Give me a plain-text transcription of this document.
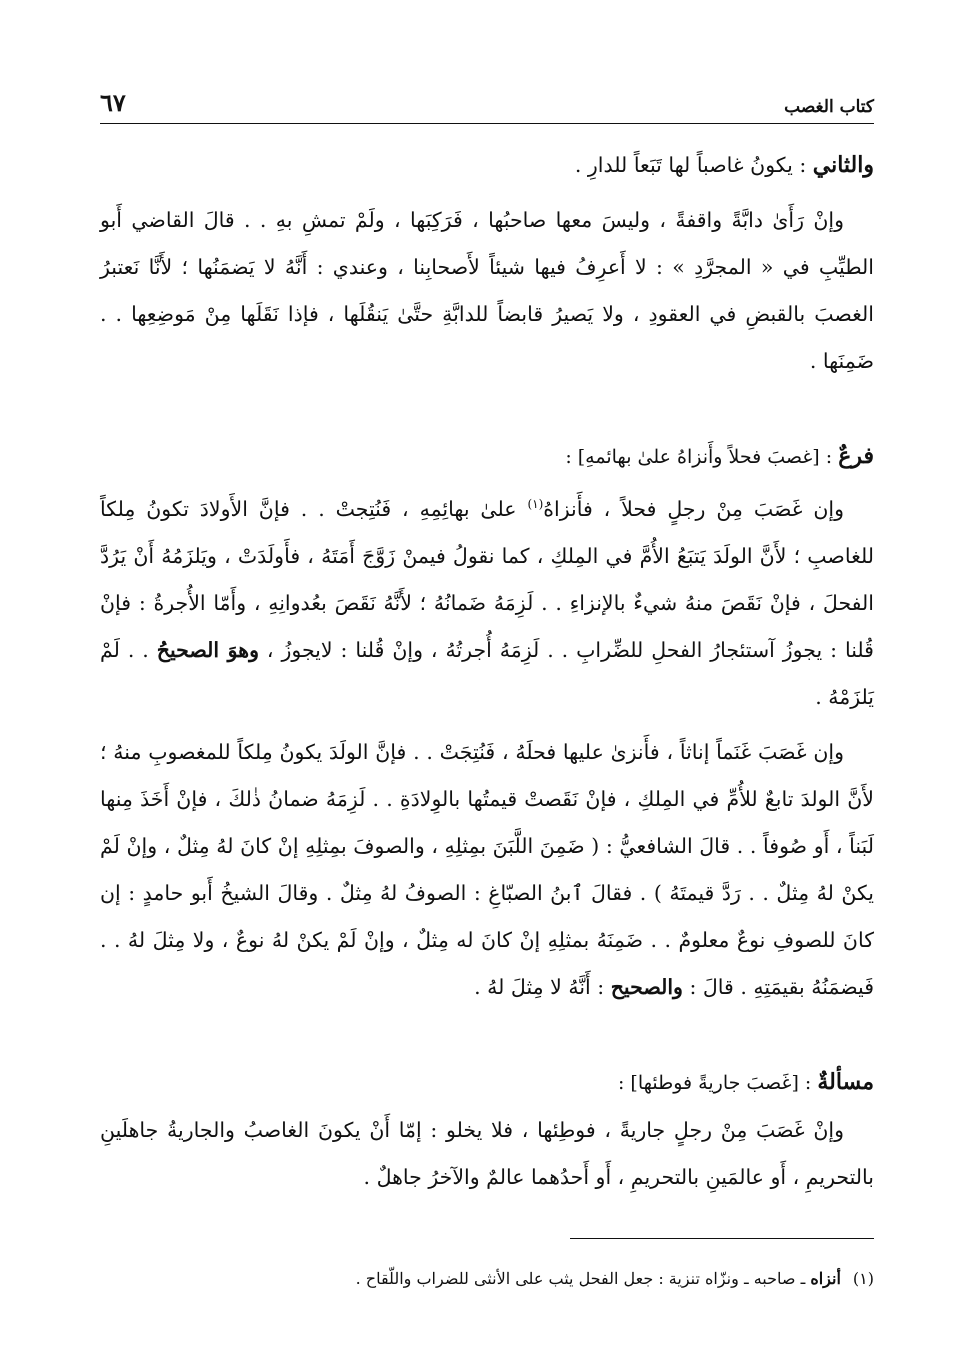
كتاب الغصب
٦٧

والثاني : يكونُ غاصباً لها تَبَعاً للدارِ .

وإنْ رَأَىٰ دابَّةً واقفةً ، وليسَ معها صاحبُها ، فَرَكِبَها ، ولَمْ تمشِ بهِ . . قالَ القاضي أَبو الطيِّبِ في « المجرَّدِ » : لا أَعرِفُ فيها شيئاً لأَصحابِنا ، وعندي : أَنَّهُ لا يَضمَنُها ؛ لأَنَّا نَعتبرُ الغصبَ بالقبضِ في العقودِ ، ولا يَصيرُ قابضاً للدابَّةِ حتَّىٰ يَنقُلَها ، فإذا نَقَلَها مِنْ مَوضِعِها . . ضَمِنَها .

فرعٌ : [غصبَ فحلاً وأَنزاهُ علىٰ بهائمهِ] :

وإن غَصَبَ مِنْ رجلٍ فحلاً ، فأَنزاهُ$^{(١)}$ علىٰ بهائِمِهِ ، فَنُتِجتْ . . فإنَّ الأَولادَ تكونُ مِلكاً للغاصبِ ؛ لأَنَّ الولَدَ يَتبَعُ الأُمَّ في المِلكِ ، كما نقولُ فيمنْ زَوَّجَ أَمَتَهُ ، فأَولَدَتْ ، ويَلزَمُهُ أَنْ يَرُدَّ الفحلَ ، فإنْ نَقَصَ منهُ شيءٌ بالإنزاءِ . . لَزِمَهُ ضَمانُهُ ؛ لأَنَّهُ نَقَصَ بعُدوانِهِ ، وأَمّا الأُجرةُ : فإنْ قُلنا : يجوزُ آستئجارُ الفحلِ للضِّرابِ . . لَزِمَهُ أُجرتُهُ ، وإنْ قُلنا : لايجوزُ ، وهوَ الصحيحُ . . لَمْ يَلزَمْهُ .

وإن غَصَبَ غَنَماً إناثاً ، فأَنزىٰ عليها فحلَهُ ، فَنُتِجَتْ . . فإنَّ الولَدَ يكونُ مِلكاً للمغصوبِ منهُ ؛ لأَنَّ الولدَ تابعٌ للأُمِّ في المِلكِ ، فإنْ نَقَصتْ قيمتُها بالوِلادَةِ . . لَزِمَهُ ضمانُ ذٰلكَ ، فإنْ أَخَذَ مِنها لَبَناً ، أَو صُوفاً . . قالَ الشافعيُّ : ( ضَمِنَ اللَّبَنَ بمِثلِهِ ، والصوفَ بمِثلِهِ إنْ كانَ لهُ مِثلٌ ، وإنْ لَمْ يكنْ لهُ مِثلٌ . . رَدَّ قيمتَهُ ) . فقالَ ٱبنُ الصبّاغِ : الصوفُ لهُ مِثلٌ . وقالَ الشيخُ أَبو حامدٍ : إن كانَ للصوفِ نوعٌ معلومٌ . . ضَمِنَهُ بمثلِهِ إنْ كانَ له مِثلٌ ، وإنْ لَمْ يكنْ لهُ نوعٌ ، ولا مِثلَ لهُ . . فَيضمَنُهُ بقيمَتِهِ . قالَ : والصحيح : أَنَّهُ لا مِثلَ لهُ .

مسألةٌ : [غَصبَ جاريةً فوطئها] :

وإنْ غَصَبَ مِنْ رجلٍ جاريةً ، فوطِئها ، فلا يخلو : إمّا أَنْ يكونَ الغاصبُ والجاريةُ جاهلَينِ بالتحريمِ ، أَو عالمَينِ بالتحريمِ ، أَو أَحدُهما عالمٌ والآخرُ جاهلٌ .

(١)أنزاه ـ صاحبه ـ ونزّاه تنزية : جعل الفحل يثب على الأنثى للضراب واللّقاح .
